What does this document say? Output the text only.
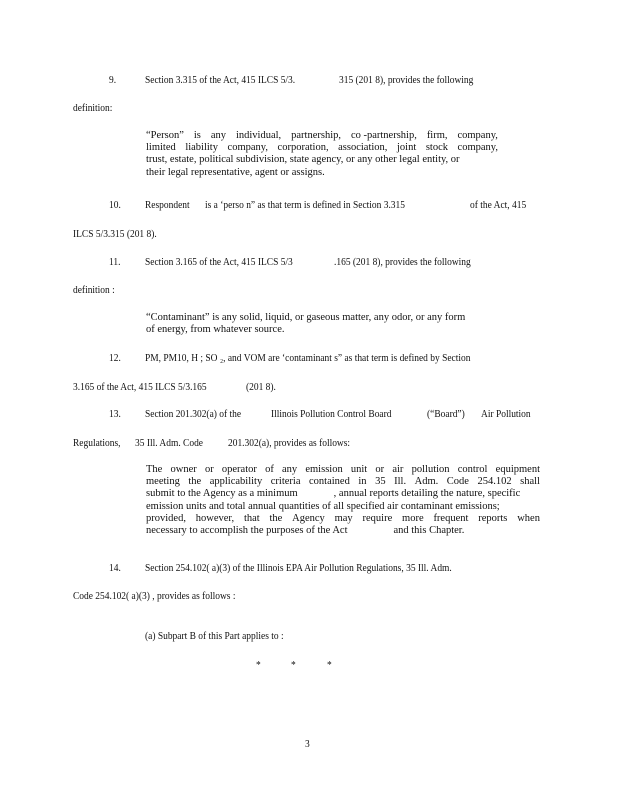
9.	Section 3.315 of the Act, 415 ILCS 5/3.	315 (201 8), provides the following
definition:
“Person” is any individual, partnership, co -partnership, firm, company,
limited liability company, corporation, association, joint stock company,
trust, estate, political subdivision, state agency, or any other legal entity, or
their legal representative, agent or assigns.
10. Respondent is a ‘perso n” as that term is defined in Section 3.315	of the Act, 415
ILCS 5/3.315 (201 8).
11. Section 3.165 of the Act, 415 ILCS 5/3	.165 (201 8), provides the following
definition :
“Contaminant” is any solid, liquid, or gaseous matter, any odor, or any form
of energy, from whatever source.
12. PM, PM10, H ; SO ₂, and VOM are ‘contaminant s” as that term is defined by Section
3.165 of the Act, 415 ILCS 5/3.165	(201 8).
13. Section 201.302(a) of the	Illinois Pollution Control Board	(“Board”) Air Pollution
Regulations, 35 Ill. Adm. Code 201.302(a), provides as follows:
The owner or operator of any emission unit or air pollution control equipment
meeting the applicability criteria contained in 35 Ill. Adm. Code 254.102 shall
submit to the Agency as a minimum	, annual reports detailing the nature, specific
emission units and total annual quantities of all specified air contaminant emissions;
provided, however, that the Agency may require more frequent reports when
necessary to accomplish the purposes of the Act	and this Chapter.
14. Section 254.102( a)(3) of the Illinois EPA Air Pollution Regulations, 35 Ill. Adm.
Code 254.102( a)(3) , provides as follows :
(a) Subpart B of this Part applies to :
*	*	*
3
